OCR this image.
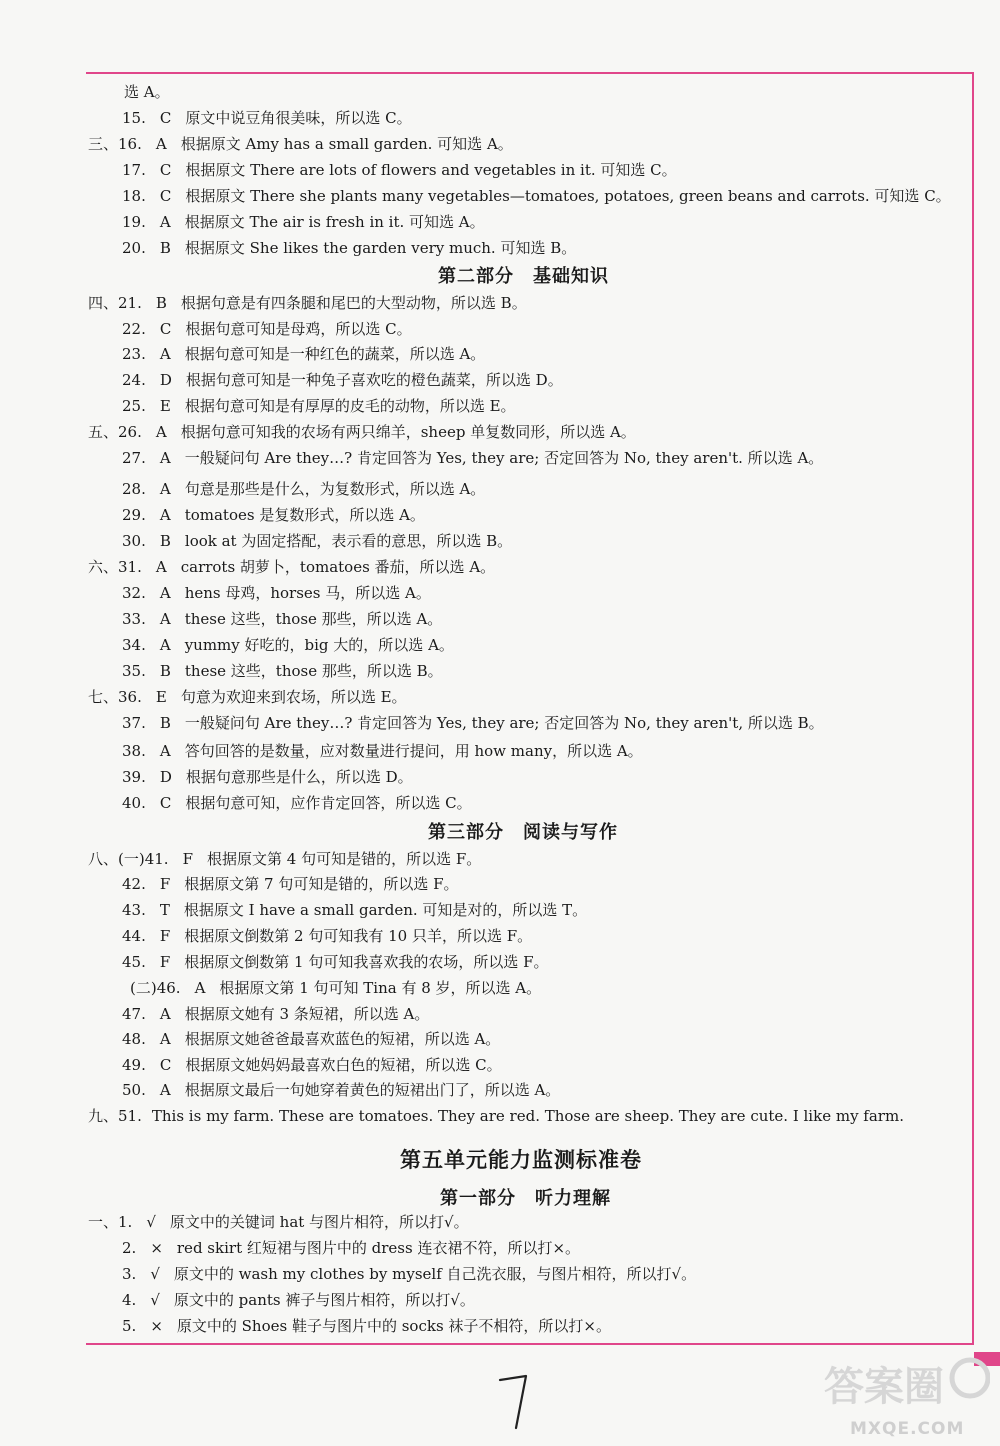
选 A。
15. C 原文中说豆角很美味，所以选 C。
三、16. A 根据原文 Amy has a small garden. 可知选 A。
17. C 根据原文 There are lots of flowers and vegetables in it. 可知选 C。
18. C 根据原文 There she plants many vegetables—tomatoes, potatoes, green beans and carrots. 可知选 C。
19. A 根据原文 The air is fresh in it. 可知选 A。
20. B 根据原文 She likes the garden very much. 可知选 B。
四、21. B 根据句意是有四条腿和尾巴的大型动物，所以选 B。
22. C 根据句意可知是母鸡，所以选 C。
23. A 根据句意可知是一种红色的蔬菜，所以选 A。
24. D 根据句意可知是一种兔子喜欢吃的橙色蔬菜，所以选 D。
25. E 根据句意可知是有厚厚的皮毛的动物，所以选 E。
五、26. A 根据句意可知我的农场有两只绵羊，sheep 单复数同形，所以选 A。
27. A 一般疑问句 Are they…? 肯定回答为 Yes, they are; 否定回答为 No, they aren't. 所以选 A。
28. A 句意是那些是什么，为复数形式，所以选 A。
29. A tomatoes 是复数形式，所以选 A。
30. B look at 为固定搭配，表示看的意思，所以选 B。
六、31. A carrots 胡萝卜，tomatoes 番茄，所以选 A。
32. A hens 母鸡，horses 马，所以选 A。
33. A these 这些，those 那些，所以选 A。
34. A yummy 好吃的，big 大的，所以选 A。
35. B these 这些，those 那些，所以选 B。
七、36. E 句意为欢迎来到农场，所以选 E。
37. B 一般疑问句 Are they…? 肯定回答为 Yes, they are; 否定回答为 No, they aren't, 所以选 B。
38. A 答句回答的是数量，应对数量进行提问，用 how many，所以选 A。
39. D 根据句意那些是什么，所以选 D。
40. C 根据句意可知，应作肯定回答，所以选 C。
八、(一)41. F 根据原文第 4 句可知是错的，所以选 F。
42. F 根据原文第 7 句可知是错的，所以选 F。
43. T 根据原文 I have a small garden. 可知是对的，所以选 T。
44. F 根据原文倒数第 2 句可知我有 10 只羊，所以选 F。
45. F 根据原文倒数第 1 句可知我喜欢我的农场，所以选 F。
(二)46. A 根据原文第 1 句可知 Tina 有 8 岁，所以选 A。
47. A 根据原文她有 3 条短裙，所以选 A。
48. A 根据原文她爸爸最喜欢蓝色的短裙，所以选 A。
49. C 根据原文她妈妈最喜欢白色的短裙，所以选 C。
50. A 根据原文最后一句她穿着黄色的短裙出门了，所以选 A。
九、51. This is my farm. These are tomatoes. They are red. Those are sheep. They are cute. I like my farm.
一、1. √ 原文中的关键词 hat 与图片相符，所以打√。
2. × red skirt 红短裙与图片中的 dress 连衣裙不符，所以打×。
3. √ 原文中的 wash my clothes by myself 自己洗衣服，与图片相符，所以打√。
4. √ 原文中的 pants 裤子与图片相符，所以打√。
5. × 原文中的 Shoes 鞋子与图片中的 socks 袜子不相符，所以打×。
第二部分　基础知识
第三部分　阅读与写作
第五单元能力监测标准卷
第一部分　听力理解
答案圈
MXQE.COM
